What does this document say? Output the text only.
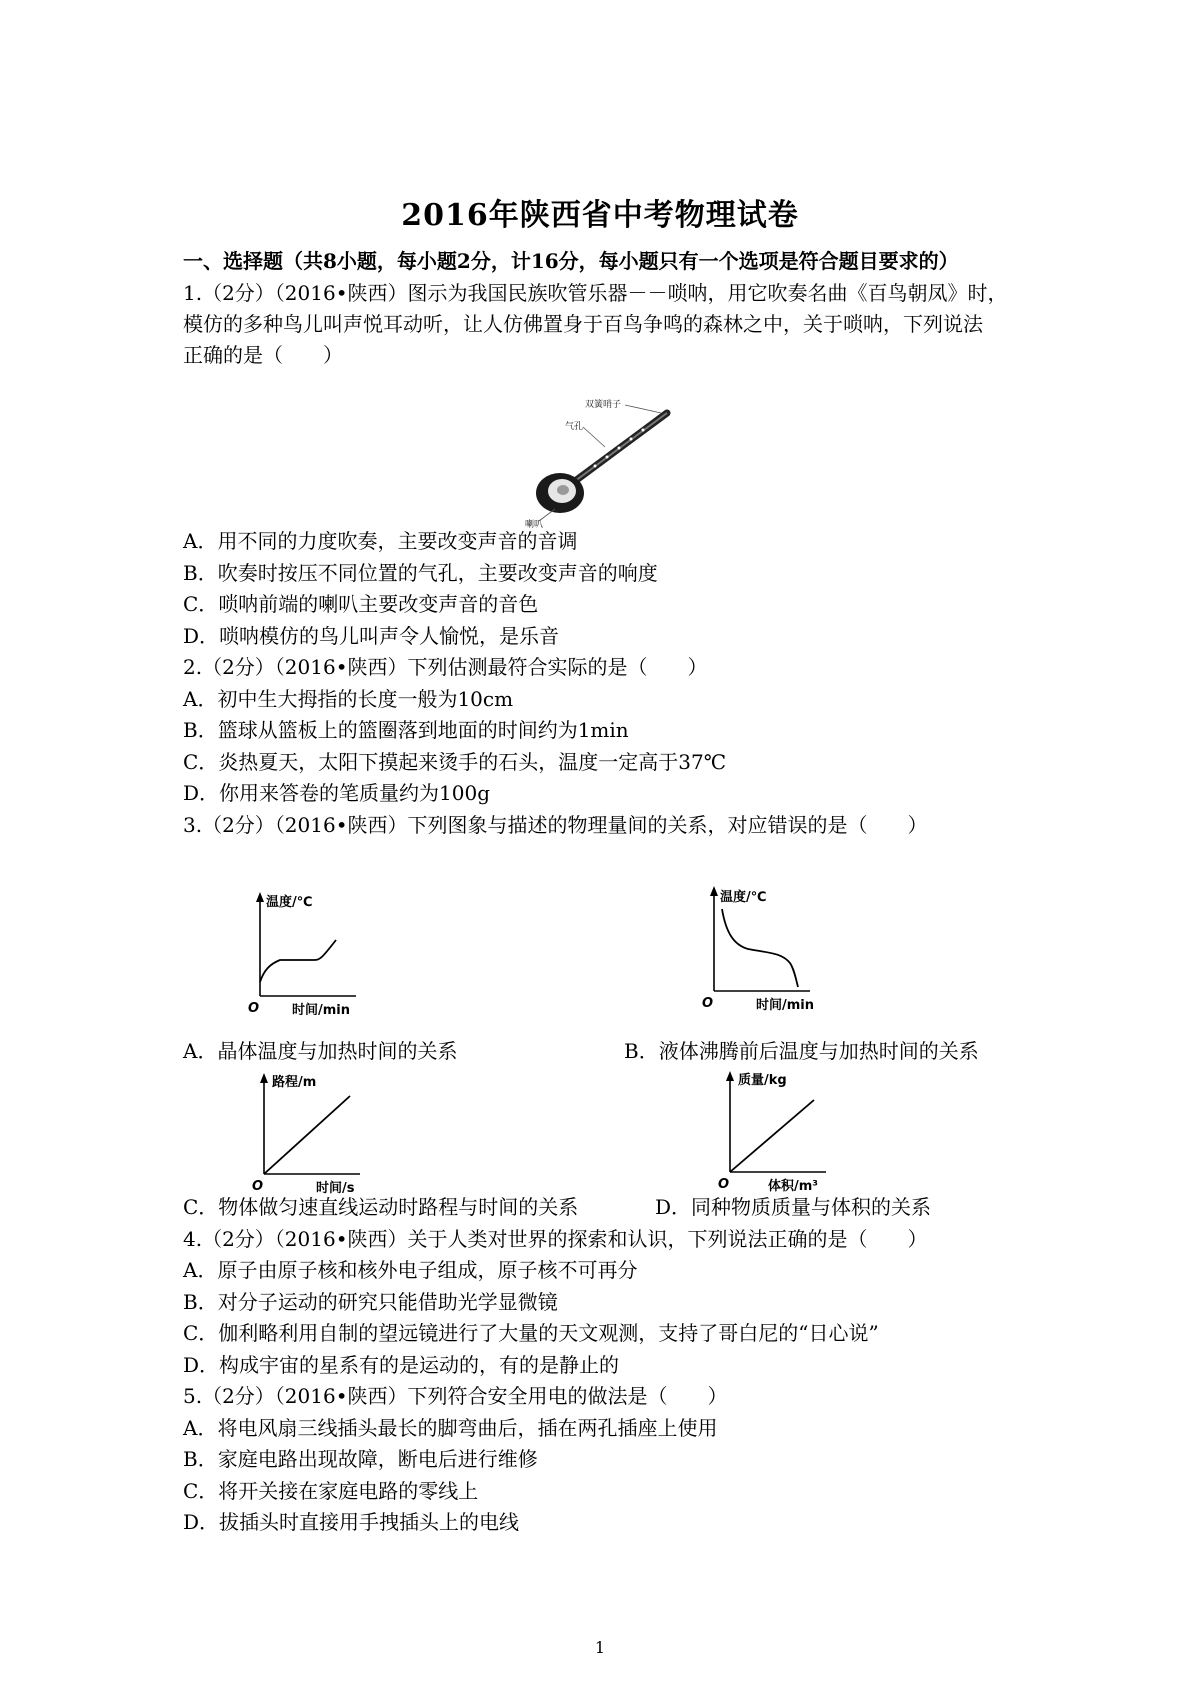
2016年陕西省中考物理试卷
一、选择题（共8小题，每小题2分，计16分，每小题只有一个选项是符合题目要求的）
1.（2分）（2016•陕西）图示为我国民族吹管乐器－－唢呐，用它吹奏名曲《百鸟朝凤》时，
模仿的多种鸟儿叫声悦耳动听，让人仿佛置身于百鸟争鸣的森林之中，关于唢呐，下列说法
正确的是（　　）
双簧哨子
气孔
喇叭
A．用不同的力度吹奏，主要改变声音的音调
B．吹奏时按压不同位置的气孔，主要改变声音的响度
C．唢呐前端的喇叭主要改变声音的音色
D．唢呐模仿的鸟儿叫声令人愉悦，是乐音
2.（2分）（2016•陕西）下列估测最符合实际的是（　　）
A．初中生大拇指的长度一般为10cm
B．篮球从篮板上的篮圈落到地面的时间约为1min
C．炎热夏天，太阳下摸起来烫手的石头，温度一定高于37℃
D．你用来答卷的笔质量约为100g
3.（2分）（2016•陕西）下列图象与描述的物理量间的关系，对应错误的是（　　）
温度/℃
O	时间/min
温度/℃
O	时间/min
A．晶体温度与加热时间的关系	B．液体沸腾前后温度与加热时间的关系
路程/m
O	时间/s
质量/kg
O	体积/m³
C．物体做匀速直线运动时路程与时间的关系	D．同种物质质量与体积的关系
4.（2分）（2016•陕西）关于人类对世界的探索和认识，下列说法正确的是（　　）
A．原子由原子核和核外电子组成，原子核不可再分
B．对分子运动的研究只能借助光学显微镜
C．伽利略利用自制的望远镜进行了大量的天文观测，支持了哥白尼的“日心说”
D．构成宇宙的星系有的是运动的，有的是静止的
5.（2分）（2016•陕西）下列符合安全用电的做法是（　　）
A．将电风扇三线插头最长的脚弯曲后，插在两孔插座上使用
B．家庭电路出现故障，断电后进行维修
C．将开关接在家庭电路的零线上
D．拔插头时直接用手拽插头上的电线
1
